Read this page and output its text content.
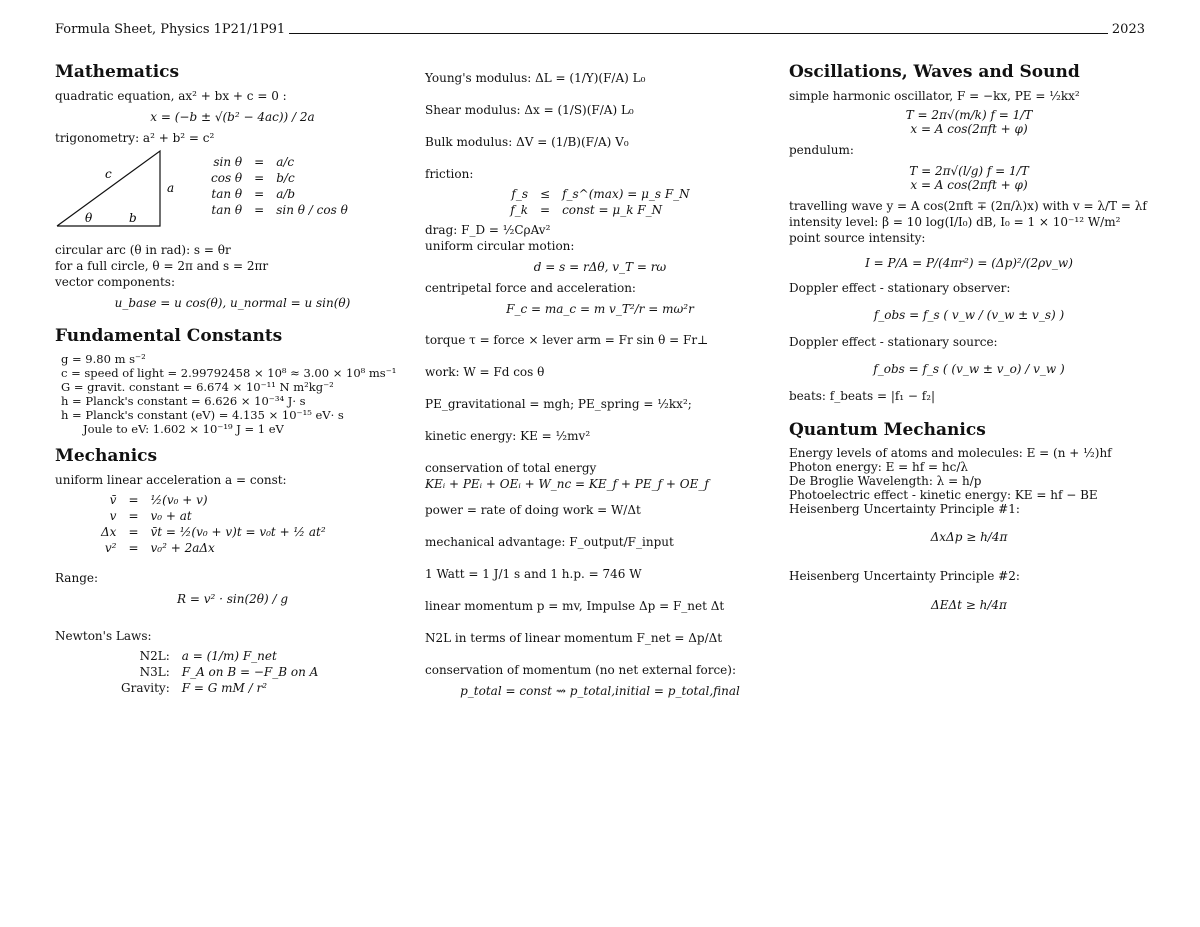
Formula Sheet, Physics 1P21/1P91	2023
Mathematics

quadratic equation, ax² + bx + c = 0 :

x = (−b ± √(b² − 4ac)) / 2a

trigonometry: a² + b² = c²

c
a
b
θ
sin θ	=	a/c
cos θ	=	b/c
tan θ	=	a/b
tan θ	=	sin θ / cos θ

circular arc (θ in rad): s = θr

for a full circle, θ = 2π and s = 2πr

vector components:

u_base = u cos(θ), u_normal = u sin(θ)

Fundamental Constants
g = 9.80 m s⁻²
c = speed of light = 2.99792458 × 10⁸ ≈ 3.00 × 10⁸ ms⁻¹
G = gravit. constant = 6.674 × 10⁻¹¹ N m²kg⁻²
h = Planck's constant = 6.626 × 10⁻³⁴ J· s
h = Planck's constant (eV) = 4.135 × 10⁻¹⁵ eV· s
Joule to eV: 1.602 × 10⁻¹⁹ J = 1 eV
Mechanics

uniform linear acceleration a = const:

v̄	=	½(v₀ + v)
v	=	v₀ + at
Δx	=	v̄t = ½(v₀ + v)t = v₀t + ½ at²
v²	=	v₀² + 2aΔx

Range:

R = v² · sin(2θ) / g

Newton's Laws:

N2L:	a = (1/m) F_net
N3L:	F_A on B = −F_B on A
Gravity:	F = G mM / r²

Young's modulus: ΔL = (1/Y)(F/A) L₀

Shear modulus: Δx = (1/S)(F/A) L₀

Bulk modulus: ΔV = (1/B)(F/A) V₀

friction:

f_s	≤	f_s^(max) = μ_s F_N
f_k	=	const = μ_k F_N

drag: F_D = ½CρAv²

uniform circular motion:

d = s = rΔθ, v_T = rω

centripetal force and acceleration:

F_c = ma_c = m v_T²/r = mω²r

torque τ = force × lever arm = Fr sin θ = Fr⊥

work: W = Fd cos θ

PE_gravitational = mgh; PE_spring = ½kx²;

kinetic energy: KE = ½mv²

conservation of total energy

KEᵢ + PEᵢ + OEᵢ + W_nc = KE_f + PE_f + OE_f

power = rate of doing work = W/Δt

mechanical advantage: F_output/F_input

1 Watt = 1 J/1 s and 1 h.p. = 746 W

linear momentum p = mv, Impulse Δp = F_net Δt

N2L in terms of linear momentum F_net = Δp/Δt

conservation of momentum (no net external force):

p_total = const ⇝ p_total,initial = p_total,final

Oscillations, Waves and Sound

simple harmonic oscillator, F = −kx, PE = ½kx²

T = 2π√(m/k) f = 1/T

x = A cos(2πft + φ)

pendulum:

T = 2π√(l/g) f = 1/T

x = A cos(2πft + φ)

travelling wave y = A cos(2πft ∓ (2π/λ)x) with v = λ/T = λf

intensity level: β = 10 log(I/I₀) dB, I₀ = 1 × 10⁻¹² W/m²

point source intensity:

I = P/A = P/(4πr²) = (Δp)²/(2ρv_w)

Doppler effect - stationary observer:

f_obs = f_s ( v_w / (v_w ± v_s) )

Doppler effect - stationary source:

f_obs = f_s ( (v_w ± v_o) / v_w )

beats: f_beats = |f₁ − f₂|

Quantum Mechanics

Energy levels of atoms and molecules: E = (n + ½)hf

Photon energy: E = hf = hc/λ

De Broglie Wavelength: λ = h/p

Photoelectric effect - kinetic energy: KE = hf − BE

Heisenberg Uncertainty Principle #1:

ΔxΔp ≥ h/4π

Heisenberg Uncertainty Principle #2:

ΔEΔt ≥ h/4π
